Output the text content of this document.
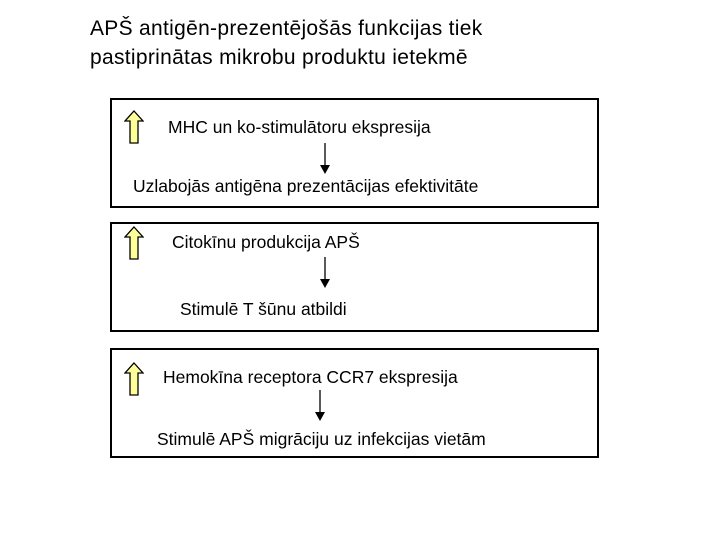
APŠ antigēn-prezentējošās funkcijas tiek
pastiprinātas mikrobu produktu ietekmē
MHC un ko-stimulātoru ekspresija
Uzlabojās antigēna prezentācijas efektivitāte
Citokīnu produkcija APŠ
Stimulē T šūnu atbildi
Hemokīna receptora CCR7 ekspresija
Stimulē APŠ migrāciju uz infekcijas vietām
